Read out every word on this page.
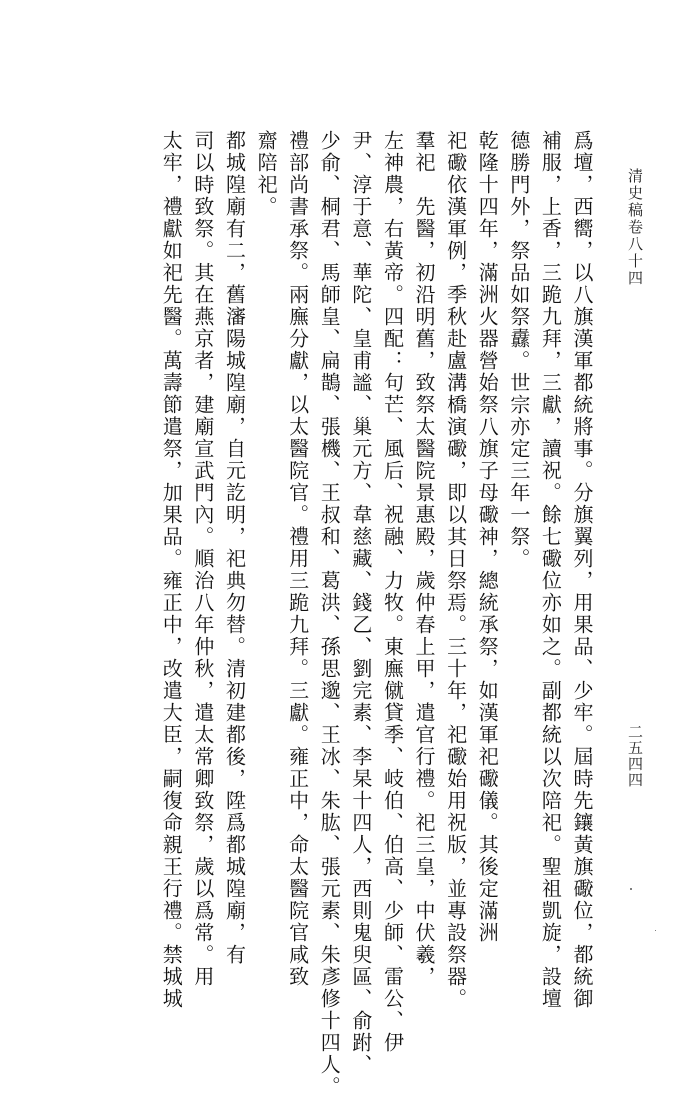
清史稿卷八十四
二五四四
爲壇，西嚮，以八旗漢軍都統將事。分旗翼列，用果品、少牢。屆時先鑲黃旗礮位，都統御
補服，上香，三跪九拜，三獻，讀祝。餘七礮位亦如之。副都統以次陪祀。聖祖凱旋，設壇
德勝門外，祭品如祭纛。世宗亦定三年一祭。
乾隆十四年，滿洲火器營始祭八旗子母礮神，總統承祭，如漢軍祀礮儀。其後定滿洲
祀礮依漢軍例，季秋赴盧溝橋演礮，即以其日祭焉。三十年，祀礮始用祝版，並專設祭器。
羣祀　先醫，初沿明舊，致祭太醫院景惠殿，歲仲春上甲，遣官行禮。祀三皇，中伏羲，
左神農，右黃帝。四配：句芒、風后、祝融、力牧。東廡僦貸季、岐伯、伯高、少師、雷公、伊
尹、淳于意、華陀、皇甫謐、巢元方、韋慈藏、錢乙、劉完素、李杲十四人，西則鬼臾區、俞跗、
少俞、桐君、馬師皇、扁鵲、張機、王叔和、葛洪、孫思邈、王冰、朱肱、張元素、朱彥修十四人。
禮部尚書承祭。兩廡分獻，以太醫院官。禮用三跪九拜。三獻。雍正中，命太醫院官咸致
齋陪祀。
都城隍廟有二，舊瀋陽城隍廟，自元訖明，祀典勿替。清初建都後，陞爲都城隍廟，有
司以時致祭。其在燕京者，建廟宣武門內。順治八年仲秋，遣太常卿致祭，歲以爲常。用
太牢，禮獻如祀先醫。萬壽節遣祭，加果品。雍正中，改遣大臣，嗣復命親王行禮。禁城城
